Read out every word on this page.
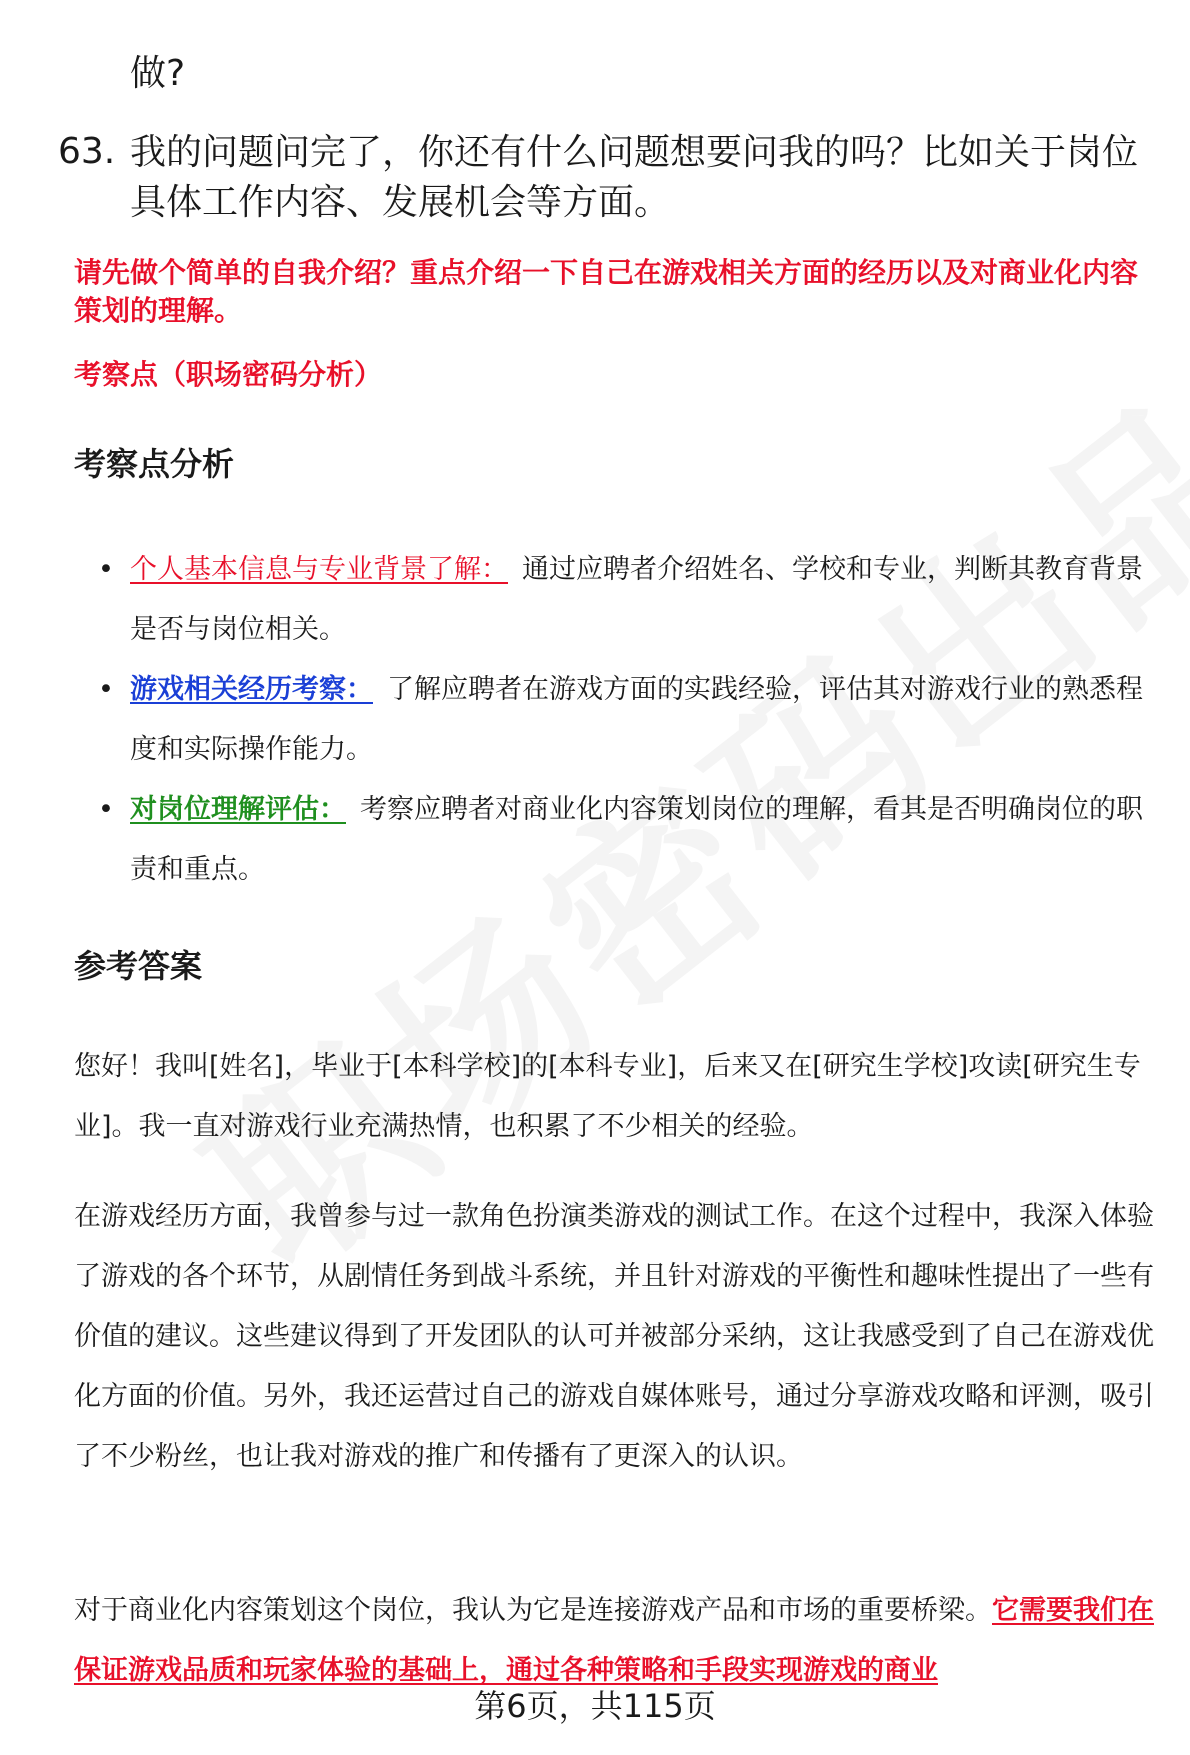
做?

63. 我的问题问完了，你还有什么问题想要问我的吗？比如关于岗位具体工作内容、发展机会等方面。

请先做个简单的自我介绍？重点介绍一下自己在游戏相关方面的经历以及对商业化内容策划的理解。

考察点（职场密码分析）

考察点分析
• 个人基本信息与专业背景了解： 通过应聘者介绍姓名、学校和专业，判断其教育背景是否与岗位相关。
• 游戏相关经历考察： 了解应聘者在游戏方面的实践经验，评估其对游戏行业的熟悉程度和实际操作能力。
• 对岗位理解评估： 考察应聘者对商业化内容策划岗位的理解，看其是否明确岗位的职责和重点。
参考答案

您好！我叫[姓名]，毕业于[本科学校]的[本科专业]，后来又在[研究生学校]攻读[研究生专业]。我一直对游戏行业充满热情，也积累了不少相关的经验。

在游戏经历方面，我曾参与过一款角色扮演类游戏的测试工作。在这个过程中，我深入体验了游戏的各个环节，从剧情任务到战斗系统，并且针对游戏的平衡性和趣味性提出了一些有价值的建议。这些建议得到了开发团队的认可并被部分采纳，这让我感受到了自己在游戏优化方面的价值。另外，我还运营过自己的游戏自媒体账号，通过分享游戏攻略和评测，吸引了不少粉丝，也让我对游戏的推广和传播有了更深入的认识。

对于商业化内容策划这个岗位，我认为它是连接游戏产品和市场的重要桥梁。它需要我们在保证游戏品质和玩家体验的基础上，通过各种策略和手段实现游戏的商业

第6页，共115页
